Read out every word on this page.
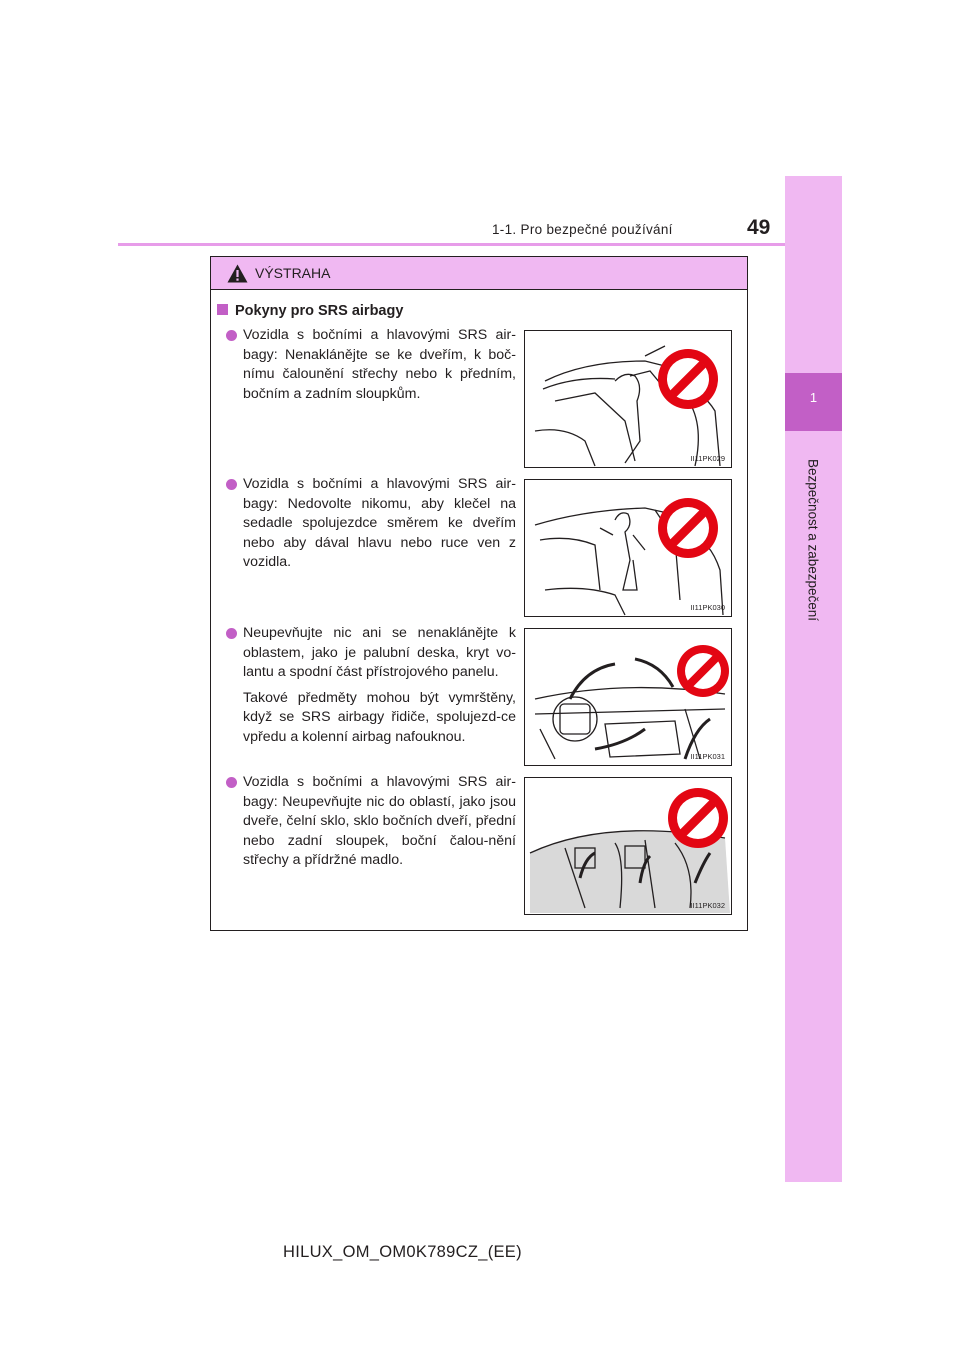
1-1. Pro bezpečné používání	49
1
Bezpečnost a zabezpečení
VÝSTRAHA
Pokyny pro SRS airbagy
Vozidla s bočními a hlavovými SRS air-bagy: Nenaklánějte se ke dveřím, k boč-nímu čalounění střechy nebo k předním, bočním a zadním sloupkům.
II11PK029
Vozidla s bočními a hlavovými SRS air-bagy: Nedovolte nikomu, aby klečel na sedadle spolujezdce směrem ke dveřím nebo aby dával hlavu nebo ruce ven z vozidla.
II11PK030
Neupevňujte nic ani se nenaklánějte k oblastem, jako je palubní deska, kryt vo-lantu a spodní část přístrojového panelu.
Takové předměty mohou být vymrštěny, když se SRS airbagy řidiče, spolujezd-ce vpředu a kolenní airbag nafouknou.
II11PK031
Vozidla s bočními a hlavovými SRS air-bagy: Neupevňujte nic do oblastí, jako jsou dveře, čelní sklo, sklo bočních dveří, přední nebo zadní sloupek, boční čalou-nění střechy a přídržné madlo.
II11PK032
HILUX_OM_OM0K789CZ_(EE)
